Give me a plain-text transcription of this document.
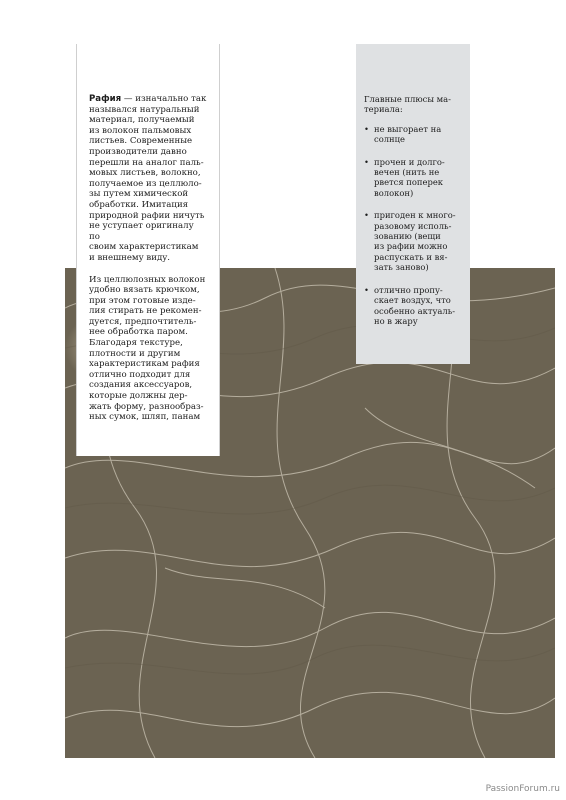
Рафия — изначально так
назывался натуральный
материал, получаемый
из волокон пальмовых
листьев. Современные
производители давно
перешли на аналог паль-
мовых листьев, волокно,
получаемое из целлюло-
зы путем химической
обработки. Имитация
природной рафии ничуть
не уступает оригиналу по
своим характеристикам
и внешнему виду.

Из целлюлозных волокон
удобно вязать крючком,
при этом готовые изде-
лия стирать не рекомен-
дуется, предпочтитель-
нее обработка паром.
Благодаря текстуре,
плотности и другим
характеристикам рафия
отлично подходит для
создания аксессуаров,
которые должны дер-
жать форму, разнообраз-
ных сумок, шляп, панам

Главные плюсы ма-
териала:

• не выгорает на
солнце
• прочен и долго-
вечен (нить не
рвется поперек
волокон)
• пригоден к много-
разовому исполь-
зованию (вещи
из рафии можно
распускать и вя-
зать заново)
• отлично пропу-
скает воздух, что
особенно актуаль-
но в жару
PassionForum.ru
